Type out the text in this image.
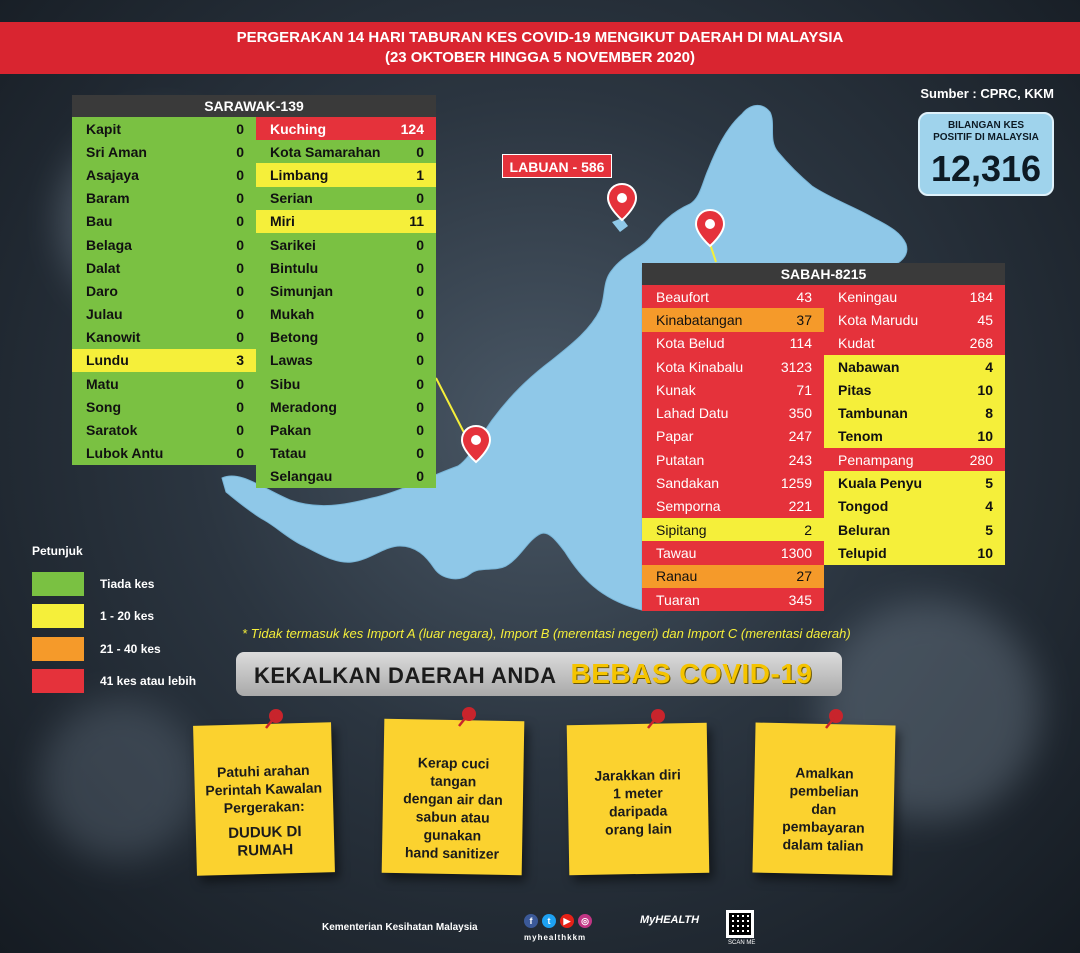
PERGERAKAN 14 HARI TABURAN KES COVID-19 MENGIKUT DAERAH DI MALAYSIA
(23 OKTOBER HINGGA 5 NOVEMBER 2020)
Sumber : CPRC, KKM
BILANGAN KES
POSITIF DI MALAYSIA
12,316
LABUAN - 586
SARAWAK-139
Kapit	0
Sri Aman	0
Asajaya	0
Baram	0
Bau	0
Belaga	0
Dalat	0
Daro	0
Julau	0
Kanowit	0
Lundu	3
Matu	0
Song	0
Saratok	0
Lubok Antu	0
Kuching	124
Kota Samarahan	0
Limbang	1
Serian	0
Miri	11
Sarikei	0
Bintulu	0
Simunjan	0
Mukah	0
Betong	0
Lawas	0
Sibu	0
Meradong	0
Pakan	0
Tatau	0
Selangau	0
SABAH-8215
Beaufort	43
Kinabatangan	37
Kota Belud	114
Kota Kinabalu	3123
Kunak	71
Lahad Datu	350
Papar	247
Putatan	243
Sandakan	1259
Semporna	221
Sipitang	2
Tawau	1300
Ranau	27
Tuaran	345
Keningau	184
Kota Marudu	45
Kudat	268
Nabawan	4
Pitas	10
Tambunan	8
Tenom	10
Penampang	280
Kuala Penyu	5
Tongod	4
Beluran	5
Telupid	10
Petunjuk
Tiada kes
1 - 20 kes
21 - 40 kes
41 kes atau lebih
* Tidak termasuk kes Import A (luar negara), Import B (merentasi negeri) dan Import C (merentasi daerah)
KEKALKAN DAERAH ANDA BEBAS COVID-19
Patuhi arahan
Perintah Kawalan
Pergerakan:
DUDUK DI
RUMAH
Kerap cuci
tangan
dengan air dan
sabun atau
gunakan
hand sanitizer
Jarakkan diri
1 meter
daripada
orang lain
Amalkan
pembelian
dan
pembayaran
dalam talian
Kementerian Kesihatan Malaysia
f	t	▶	◎
myhealthkkm
MyHEALTH
SCAN ME
